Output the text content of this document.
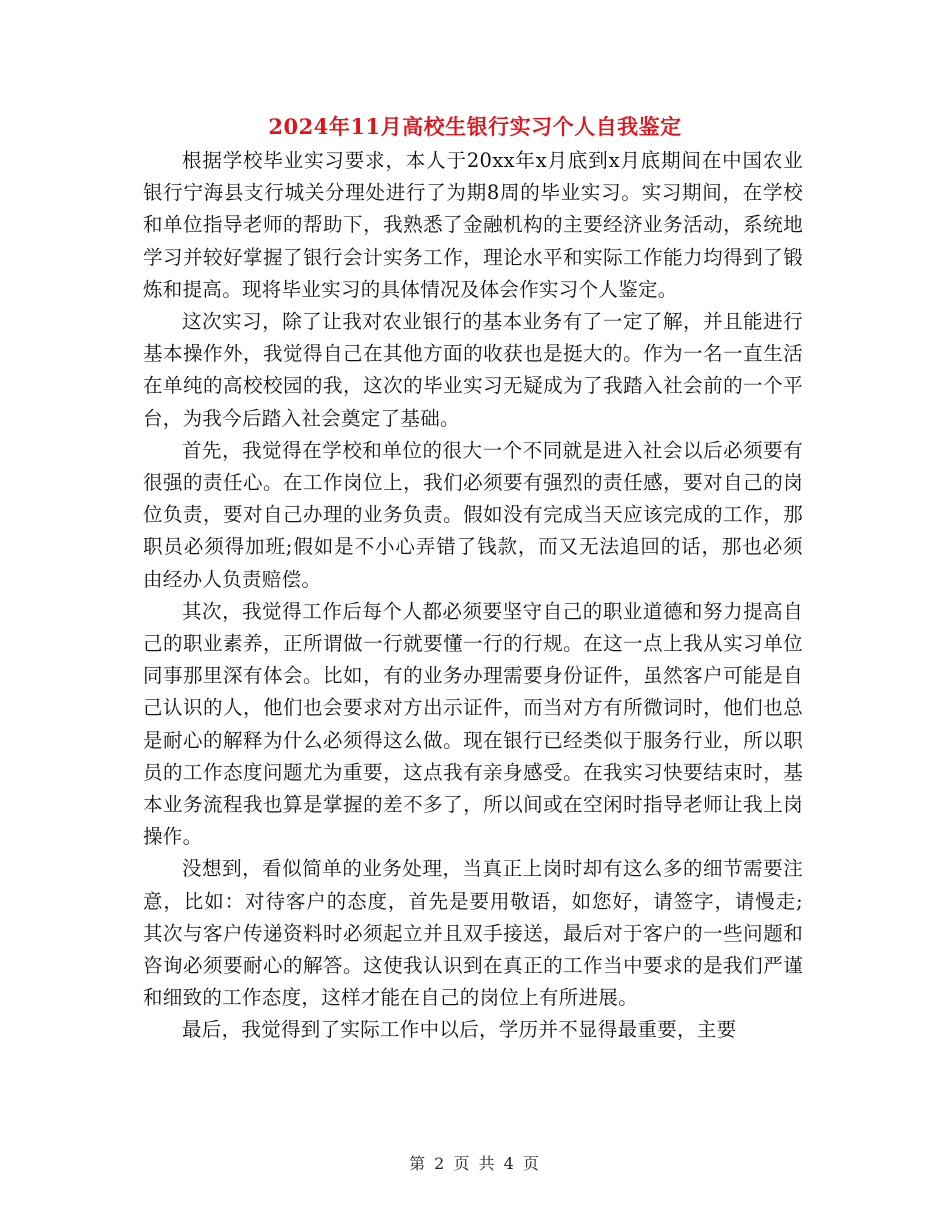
2024年11月高校生银行实习个人自我鉴定

根据学校毕业实习要求，本人于20xx年x月底到x月底期间在中国农业银行宁海县支行城关分理处进行了为期8周的毕业实习。实习期间，在学校和单位指导老师的帮助下，我熟悉了金融机构的主要经济业务活动，系统地学习并较好掌握了银行会计实务工作，理论水平和实际工作能力均得到了锻炼和提高。现将毕业实习的具体情况及体会作实习个人鉴定。

这次实习，除了让我对农业银行的基本业务有了一定了解，并且能进行基本操作外，我觉得自己在其他方面的收获也是挺大的。作为一名一直生活在单纯的高校校园的我，这次的毕业实习无疑成为了我踏入社会前的一个平台，为我今后踏入社会奠定了基础。

首先，我觉得在学校和单位的很大一个不同就是进入社会以后必须要有很强的责任心。在工作岗位上，我们必须要有强烈的责任感，要对自己的岗位负责，要对自己办理的业务负责。假如没有完成当天应该完成的工作，那职员必须得加班;假如是不小心弄错了钱款，而又无法追回的话，那也必须由经办人负责赔偿。

其次，我觉得工作后每个人都必须要坚守自己的职业道德和努力提高自己的职业素养，正所谓做一行就要懂一行的行规。在这一点上我从实习单位同事那里深有体会。比如，有的业务办理需要身份证件，虽然客户可能是自己认识的人，他们也会要求对方出示证件，而当对方有所微词时，他们也总是耐心的解释为什么必须得这么做。现在银行已经类似于服务行业，所以职员的工作态度问题尤为重要，这点我有亲身感受。在我实习快要结束时，基本业务流程我也算是掌握的差不多了，所以间或在空闲时指导老师让我上岗操作。

没想到，看似简单的业务处理，当真正上岗时却有这么多的细节需要注意，比如：对待客户的态度，首先是要用敬语，如您好，请签字，请慢走;其次与客户传递资料时必须起立并且双手接送，最后对于客户的一些问题和咨询必须要耐心的解答。这使我认识到在真正的工作当中要求的是我们严谨和细致的工作态度，这样才能在自己的岗位上有所进展。

最后，我觉得到了实际工作中以后，学历并不显得最重要，主要

第 2 页 共 4 页
